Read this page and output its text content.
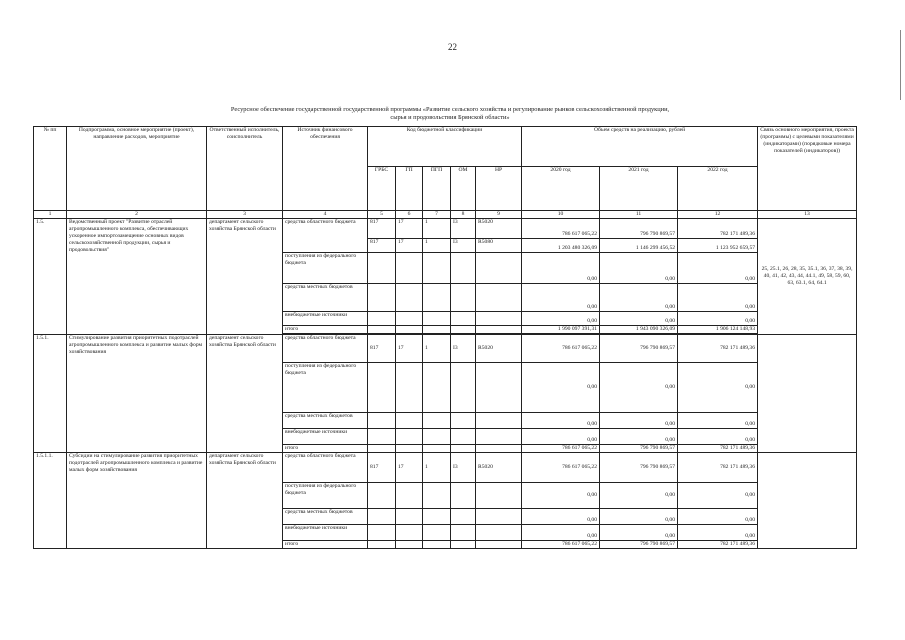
22
Ресурсное обеспечение государственной государственной программы «Развитие сельского хозяйства и регулирование рынков сельскохозяйственной продукции,
сырья и продовольствия Брянской области»
№ пп	Подпрограмма, основное мероприятие (проект), направление расходов, мероприятие	Ответственный исполнитель, соисполнитель	Источник финансового обеспечения	Код бюджетной классификации					Объем средств на реализацию, рублей			Связь основного мероприятия, проекта (программы) с целевыми показателями (индикаторами) (порядковые номера показателей (индикаторов))
				ГРБС	ГП	ПГП	ОМ	НР	2020 год	2021 год	2022 год	
1	2	3	4	5	6	7	8	9	10	11	12	13
1.5.	Ведомственный проект "Развитие отраслей агропромышленного комплекса, обеспечивающих ускоренное импортозамещение основных видов сельскохозяйственной продукции, сырья и продовольствия"	департамент сельского хозяйства Брянской области	средства областного бюджета	817	17	1	I3	R5020	786 617 065,22	796 790 869,57	782 171 489,36	25, 25.1, 26, 28, 35, 35.1, 36, 37, 38, 39, 40, 41, 42, 43, 44, 44.1, 49, 58, 59, 60, 63, 63.1, 64, 64.1
				817	17	1	I3	R5080	1 203 480 326,09	1 146 299 456,52	1 123 952 659,57	
			поступления из федерального бюджета						0,00	0,00	0,00	
			средства местных бюджетов						0,00	0,00	0,00	
			внебюджетные источники						0,00	0,00	0,00	
			итого						1 990 097 391,31	1 943 090 326,09	1 906 124 148,93	

1.5.1.	Стимулирование развития приоритетных подотраслей агропромышленного комплекса и развитие малых форм хозяйствования	департамент сельского хозяйства Брянской области	средства областного бюджета	817	17	1	I3	R5020	786 617 065,22	796 790 869,57	782 171 489,36	
			поступления из федерального бюджета						0,00	0,00	0,00	
			средства местных бюджетов						0,00	0,00	0,00	
			внебюджетные источники						0,00	0,00	0,00	
			итого						786 617 065,22	796 790 869,57	782 171 489,36	
1.5.1.1.	Субсидии на стимулирование развития приоритетных подотраслей агропромышленного комплекса и развитие малых форм хозяйствования	департамент сельского хозяйства Брянской области	средства областного бюджета	817	17	1	I3	R5020	786 617 065,22	796 790 869,57	782 171 489,36	
			поступления из федерального бюджета						0,00	0,00	0,00	
			средства местных бюджетов						0,00	0,00	0,00	
			внебюджетные источники						0,00	0,00	0,00	
			итого						786 617 065,22	796 790 869,57	782 171 489,36	
